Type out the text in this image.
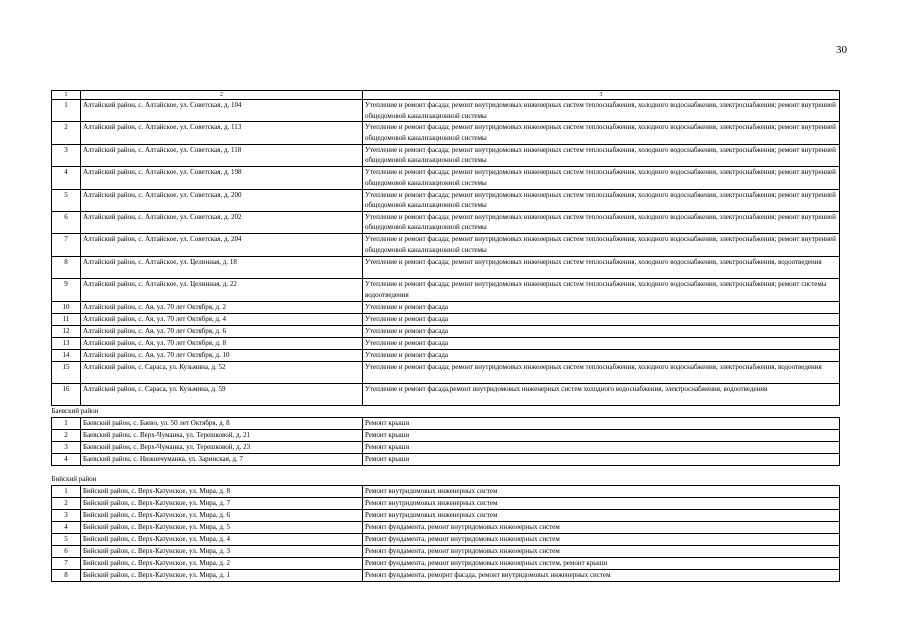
30
1	2	3
1	Алтайский район, с. Алтайское, ул. Советская, д. 104	Утепление и ремонт фасада; ремонт внутридомовых инженерных систем теплоснабжения, холодного водоснабжения, электроснабжения; ремонт внутренней общедомовой канализационной системы
2	Алтайский район, с. Алтайское, ул. Советская, д. 113	Утепление и ремонт фасада; ремонт внутридомовых инженерных систем теплоснабжения, холодного водоснабжения, электроснабжения; ремонт внутренней общедомовой канализационной системы
3	Алтайский район, с. Алтайское, ул. Советская, д. 118	Утепление и ремонт фасада; ремонт внутридомовых инженерных систем теплоснабжения, холодного водоснабжения, электроснабжения; ремонт внутренней общедомовой канализационной системы
4	Алтайский район, с. Алтайское, ул. Советская, д. 198	Утепление и ремонт фасада; ремонт внутридомовых инженерных систем теплоснабжения, холодного водоснабжения, электроснабжения; ремонт внутренней общедомовой канализационной системы
5	Алтайский район, с. Алтайское, ул. Советская, д. 200	Утепление и ремонт фасада; ремонт внутридомовых инженерных систем теплоснабжения, холодного водоснабжения, электроснабжения; ремонт внутренней общедомовой канализационной системы
6	Алтайский район, с. Алтайское, ул. Советская, д. 202	Утепление и ремонт фасада; ремонт внутридомовых инженерных систем теплоснабжения, холодного водоснабжения, электроснабжения; ремонт внутренней общедомовой канализационной системы
7	Алтайский район, с. Алтайское, ул. Советская, д. 204	Утепление и ремонт фасада; ремонт внутридомовых инженерных систем теплоснабжения, холодного водоснабжения, электроснабжения; ремонт внутренней общедомовой канализационной системы
8	Алтайский район, с. Алтайское, ул. Целинная, д. 18	Утепление и ремонт фасада; ремонт внутридомовых инженерных систем теплоснабжения, холодного водоснабжения, электроснабжения, водоотведения
9	Алтайский район, с. Алтайское, ул. Целинная, д. 22	Утепление и ремонт фасада; ремонт внутридомовых инженерных систем теплоснабжения, холодного водоснабжения, электроснабжения; ремонт системы водоотведения
10	Алтайский район, с. Ая, ул. 70 лет Октября, д. 2	Утепление и ремонт фасада
11	Алтайский район, с. Ая, ул. 70 лет Октября, д. 4	Утепление и ремонт фасада
12	Алтайский район, с. Ая, ул. 70 лет Октября, д. 6	Утепление и ремонт фасада
13	Алтайский район, с. Ая, ул. 70 лет Октября, д. 8	Утепление и ремонт фасада
14	Алтайский район, с. Ая, ул. 70 лет Октября, д. 10	Утепление и ремонт фасада
15	Алтайский район, с. Сараса, ул. Кузьмина, д. 52	Утепление и ремонт фасада; ремонт внутридомовых инженерных систем теплоснабжения, холодного водоснабжения, электроснабжения, водоотведения
16	Алтайский район, с. Сараса, ул. Кузьмина, д. 59	Утепление и ремонт фасада,ремонт внутридомовых инженерных систем холодного водоснабжения, электроснабжения, водоотведения
Баевский район		
1	Баевский район, с. Баево, ул. 50 лет Октября, д. 8	Ремонт крыши
2	Баевский район, с. Верх-Чуманка, ул. Терешковой, д. 21	Ремонт крыши
3	Баевский район, с. Верх-Чуманка, ул. Терешковой, д. 23	Ремонт крыши
4	Баевский район, с. Нижнечуманка, ул. Заринская, д. 7	Ремонт крыши
Бийский район		
1	Бийский район, с. Верх-Катунское, ул. Мира, д. 8	Ремонт внутридомовых инженерных систем
2	Бийский район, с. Верх-Катунское, ул. Мира, д. 7	Ремонт внутридомовых инженерных систем
3	Бийский район, с. Верх-Катунское, ул. Мира, д. 6	Ремонт внутридомовых инженерных систем
4	Бийский район, с. Верх-Катунское, ул. Мира, д. 5	Ремонт фундамента, ремонт внутридомовых инженерных систем
5	Бийский район, с. Верх-Катунское, ул. Мира, д. 4	Ремонт фундамента, ремонт внутридомовых инженерных систем
6	Бийский район, с. Верх-Катунское, ул. Мира, д. 3	Ремонт фундамента, ремонт внутридомовых инженерных систем
7	Бийский район, с. Верх-Катунское, ул. Мира, д. 2	Ремонт фундамента, ремонт внутридомовых инженерных систем, ремонт крыши
8	Бийский район, с. Верх-Катунское, ул. Мира, д. 1	Ремонт фундамента, реморнт фасада, ремонт внутридомовых инженерных систем
